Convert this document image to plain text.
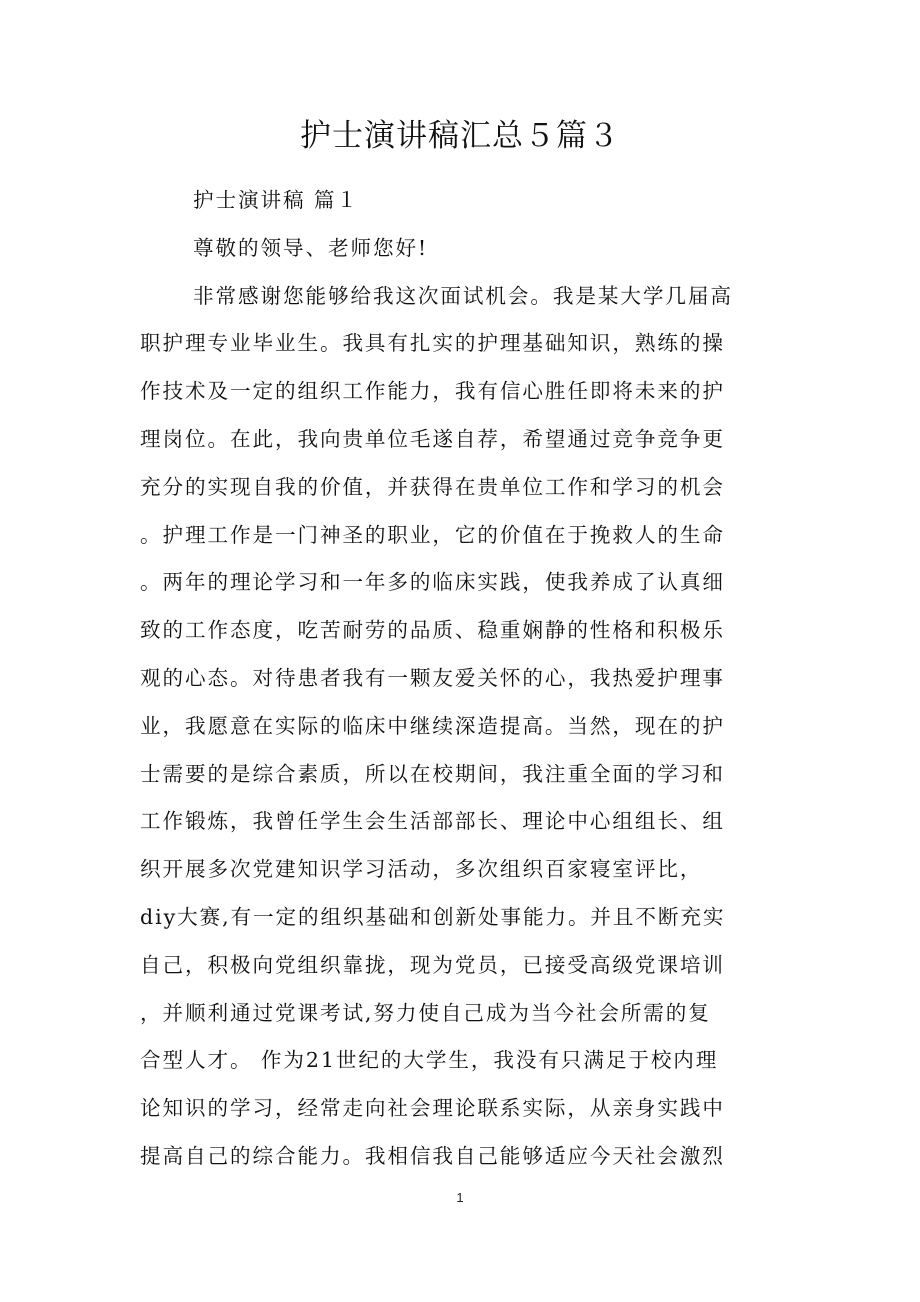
护士演讲稿汇总５篇３
护士演讲稿 篇１
尊敬的领导、老师您好!
非常感谢您能够给我这次面试机会。我是某大学几届高
职护理专业毕业生。我具有扎实的护理基础知识，熟练的操
作技术及一定的组织工作能力，我有信心胜任即将未来的护
理岗位。在此，我向贵单位毛遂自荐，希望通过竞争竞争更
充分的实现自我的价值，并获得在贵单位工作和学习的机会
。护理工作是一门神圣的职业，它的价值在于挽救人的生命
。两年的理论学习和一年多的临床实践，使我养成了认真细
致的工作态度，吃苦耐劳的品质、稳重娴静的性格和积极乐
观的心态。对待患者我有一颗友爱关怀的心，我热爱护理事
业，我愿意在实际的临床中继续深造提高。当然，现在的护
士需要的是综合素质，所以在校期间，我注重全面的学习和
工作锻炼，我曾任学生会生活部部长、理论中心组组长、组
织开展多次党建知识学习活动，多次组织百家寝室评比，
diy大赛,有一定的组织基础和创新处事能力。并且不断充实
自己，积极向党组织靠拢，现为党员，已接受高级党课培训
，并顺利通过党课考试,努力使自己成为当今社会所需的复
合型人才。 作为21世纪的大学生，我没有只满足于校内理
论知识的学习，经常走向社会理论联系实际，从亲身实践中
提高自己的综合能力。我相信我自己能够适应今天社会激烈
1
